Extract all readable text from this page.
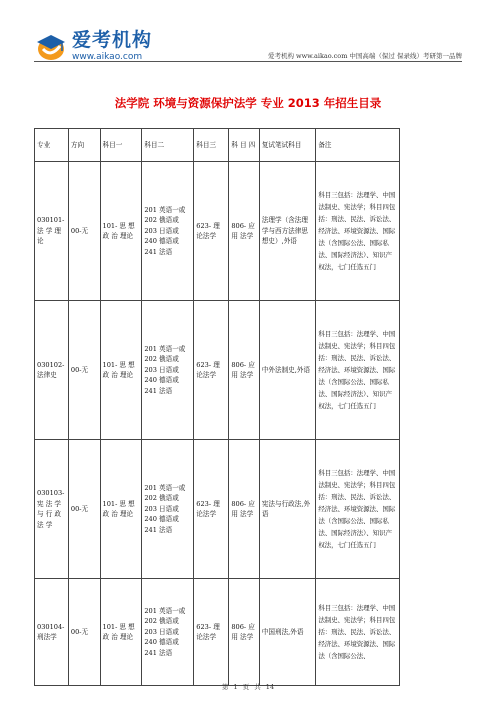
爱考机构
www.aikao.com	爱考机构 www.aikao.com 中国高端（保过 保录线）考研第一品牌
法学院 环境与资源保护法学 专业 2013 年招生目录
专业	方向	科目一	科目二	科目三	科 目 四	复试笔试科目	备注
030101- 法 学 理 论	00-无	101- 思 想 政 治 理论	201 英语一或 202 俄语或 203 日语或 240 德语或 241 法语	623- 理论法学	806- 应 用 法学	法理学（含法理学与西方法律思想史）,外语	科目三包括：法理学、中国法制史、宪法学；科目四包括：刑法、民法、诉讼法、经济法、环境资源法、国际法（含国际公法、国际私法、国际经济法）、知识产权法，七门任选五门
030102- 法律史	00-无	101- 思 想 政 治 理论	201 英语一或 202 俄语或 203 日语或 240 德语或 241 法语	623- 理论法学	806- 应 用 法学	中外法制史,外语	科目三包括：法理学、中国法制史、宪法学；科目四包括：刑法、民法、诉讼法、经济法、环境资源法、国际法（含国际公法、国际私法、国际经济法）、知识产权法，七门任选五门
030103- 宪 法 学 与 行 政 法 学	00-无	101- 思 想 政 治 理论	201 英语一或 202 俄语或 203 日语或 240 德语或 241 法语	623- 理论法学	806- 应 用 法学	宪法与行政法,外语	科目三包括：法理学、中国法制史、宪法学；科目四包括：刑法、民法、诉讼法、经济法、环境资源法、国际法（含国际公法、国际私法、国际经济法）、知识产权法，七门任选五门
030104- 刑法学	00-无	101- 思 想 政 治 理论	201 英语一或 202 俄语或 203 日语或 240 德语或 241 法语	623- 理论法学	806- 应 用 法学	中国刑法,外语	科目三包括：法理学、中国法制史、宪法学；科目四包括：刑法、民法、诉讼法、经济法、环境资源法、国际法（含国际公法、
第 1 页 共 14
